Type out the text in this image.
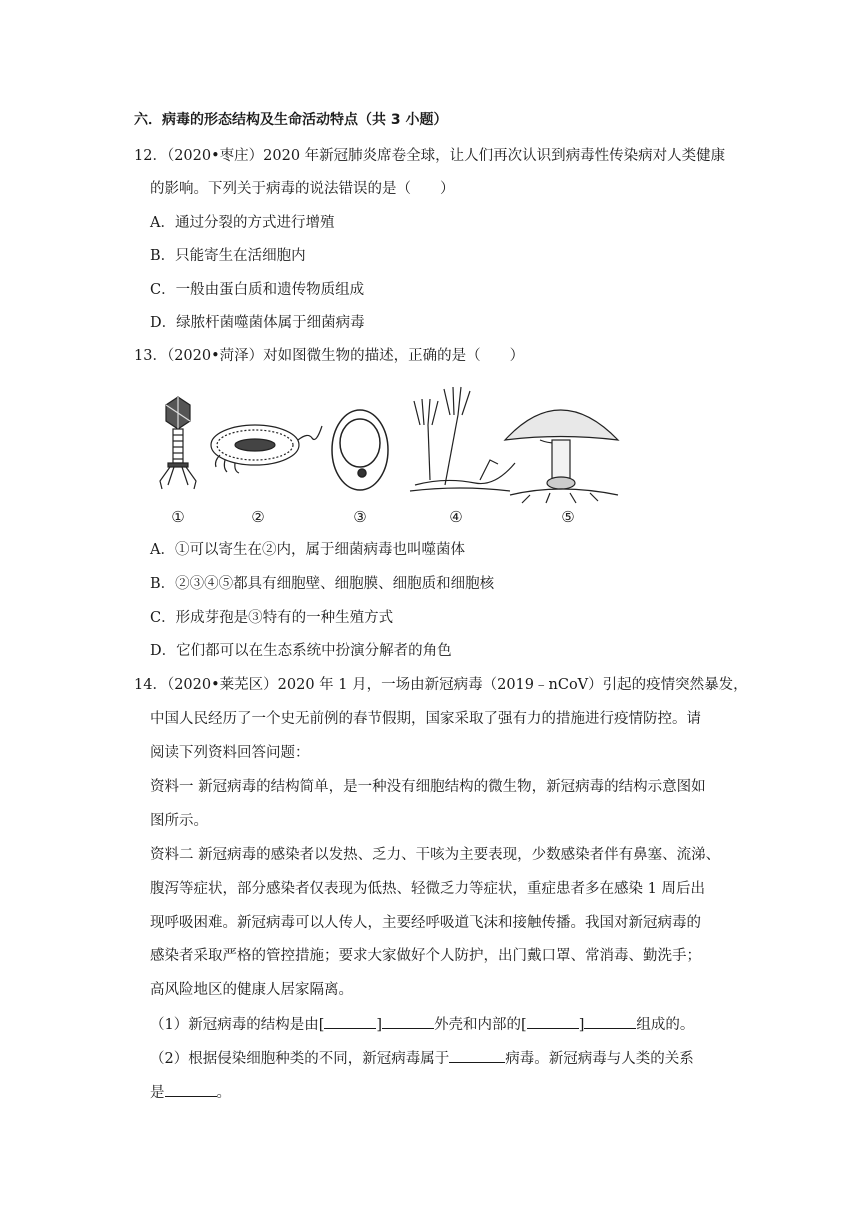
六．病毒的形态结构及生命活动特点（共 3 小题）
12．（2020•枣庄）2020 年新冠肺炎席卷全球，让人们再次认识到病毒性传染病对人类健康
的影响。下列关于病毒的说法错误的是（　　）
A．通过分裂的方式进行增殖
B．只能寄生在活细胞内
C．一般由蛋白质和遗传物质组成
D．绿脓杆菌噬菌体属于细菌病毒
13．（2020•菏泽）对如图微生物的描述，正确的是（　　）
①	②	③	④	⑤
A．①可以寄生在②内，属于细菌病毒也叫噬菌体
B．②③④⑤都具有细胞壁、细胞膜、细胞质和细胞核
C．形成芽孢是③特有的一种生殖方式
D．它们都可以在生态系统中扮演分解者的角色
14．（2020•莱芜区）2020 年 1 月，一场由新冠病毒（2019﹣nCoV）引起的疫情突然暴发，
中国人民经历了一个史无前例的春节假期，国家采取了强有力的措施进行疫情防控。请
阅读下列资料回答问题：
资料一 新冠病毒的结构简单，是一种没有细胞结构的微生物，新冠病毒的结构示意图如
图所示。
资料二 新冠病毒的感染者以发热、乏力、干咳为主要表现，少数感染者伴有鼻塞、流涕、
腹泻等症状，部分感染者仅表现为低热、轻微乏力等症状，重症患者多在感染 1 周后出
现呼吸困难。新冠病毒可以人传人，主要经呼吸道飞沫和接触传播。我国对新冠病毒的
感染者采取严格的管控措施；要求大家做好个人防护，出门戴口罩、常消毒、勤洗手；
高风险地区的健康人居家隔离。
（1）新冠病毒的结构是由[	]	外壳和内部的[	]	组成的。
（2）根据侵染细胞种类的不同，新冠病毒属于	病毒。新冠病毒与人类的关系
是	。
